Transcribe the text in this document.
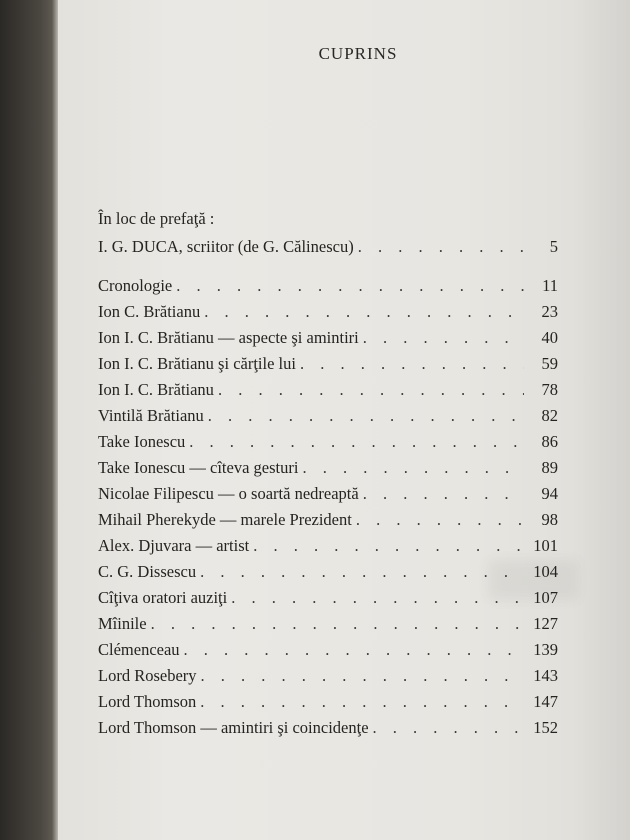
CUPRINS
În loc de prefaţă :
I. G. DUCA, scriitor (de G. Călinescu) . . .	5
Cronologie . . .	11
Ion C. Brătianu . . .	23
Ion I. C. Brătianu — aspecte şi amintiri . . .	40
Ion I. C. Brătianu şi cărţile lui . . .	59
Ion I. C. Brătianu . . .	78
Vintilă Brătianu . . .	82
Take Ionescu . . .	86
Take Ionescu — cîteva gesturi . . .	89
Nicolae Filipescu — o soartă nedreaptă . . .	94
Mihail Pherekyde — marele Prezident . . .	98
Alex. Djuvara — artist . . .	101
C. G. Dissescu . . .	104
Cîţiva oratori auziţi . . .	107
Mîinile . . .	127
Clémenceau . . .	139
Lord Rosebery . . .	143
Lord Thomson . . .	147
Lord Thomson — amintiri şi coincidenţe . . .	152
